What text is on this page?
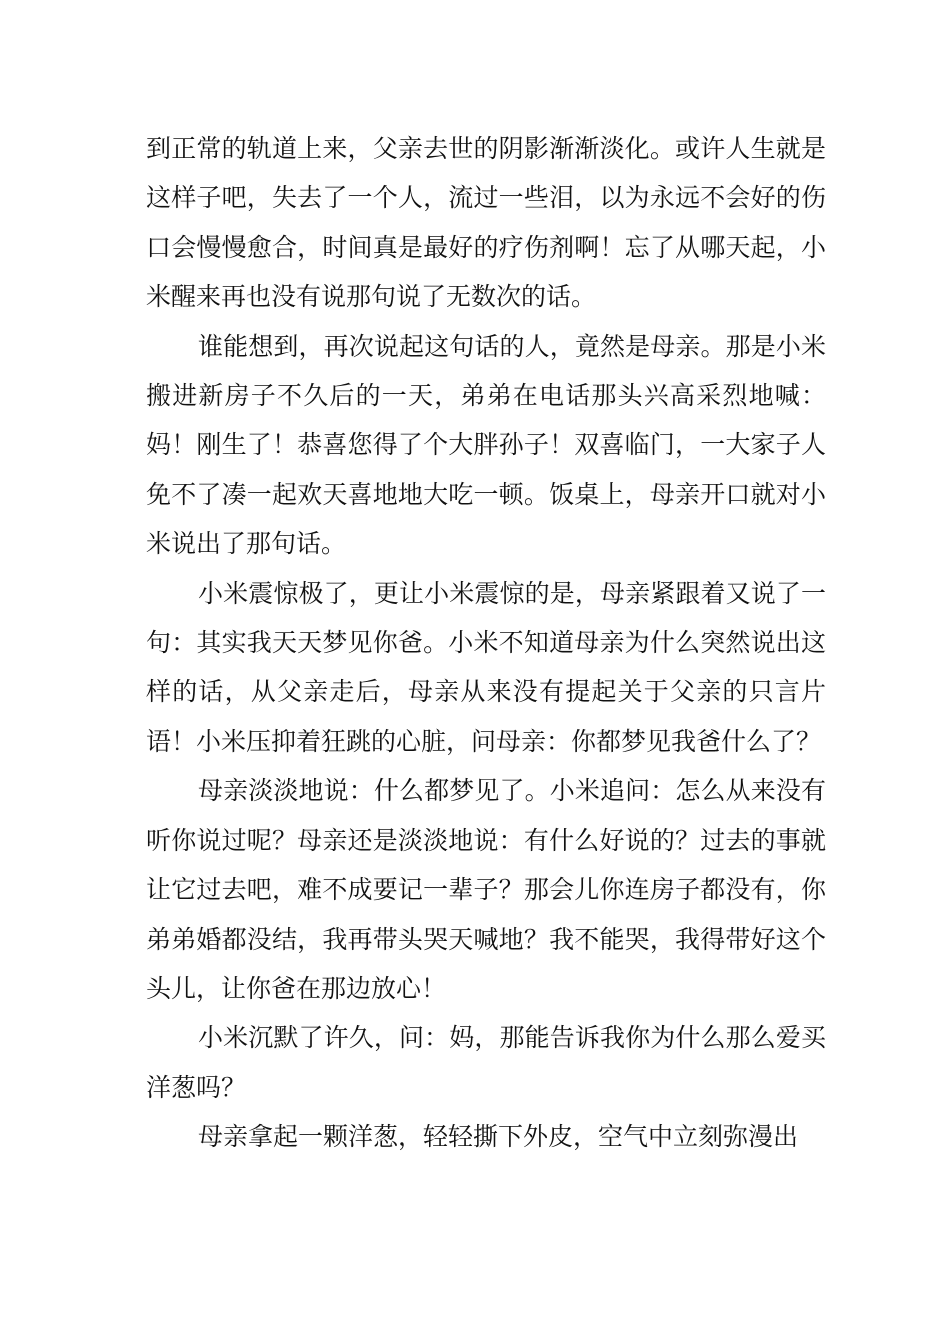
到正常的轨道上来，父亲去世的阴影渐渐淡化。或许人生就是这样子吧，失去了一个人，流过一些泪，以为永远不会好的伤口会慢慢愈合，时间真是最好的疗伤剂啊！忘了从哪天起，小米醒来再也没有说那句说了无数次的话。

谁能想到，再次说起这句话的人，竟然是母亲。那是小米搬进新房子不久后的一天，弟弟在电话那头兴高采烈地喊：妈！刚生了！恭喜您得了个大胖孙子！双喜临门，一大家子人免不了凑一起欢天喜地地大吃一顿。饭桌上，母亲开口就对小米说出了那句话。

小米震惊极了，更让小米震惊的是，母亲紧跟着又说了一句：其实我天天梦见你爸。小米不知道母亲为什么突然说出这样的话，从父亲走后，母亲从来没有提起关于父亲的只言片语！小米压抑着狂跳的心脏，问母亲：你都梦见我爸什么了？

母亲淡淡地说：什么都梦见了。小米追问：怎么从来没有听你说过呢？母亲还是淡淡地说：有什么好说的？过去的事就让它过去吧，难不成要记一辈子？那会儿你连房子都没有，你弟弟婚都没结，我再带头哭天喊地？我不能哭，我得带好这个头儿，让你爸在那边放心！

小米沉默了许久，问：妈，那能告诉我你为什么那么爱买洋葱吗？

母亲拿起一颗洋葱，轻轻撕下外皮，空气中立刻弥漫出
